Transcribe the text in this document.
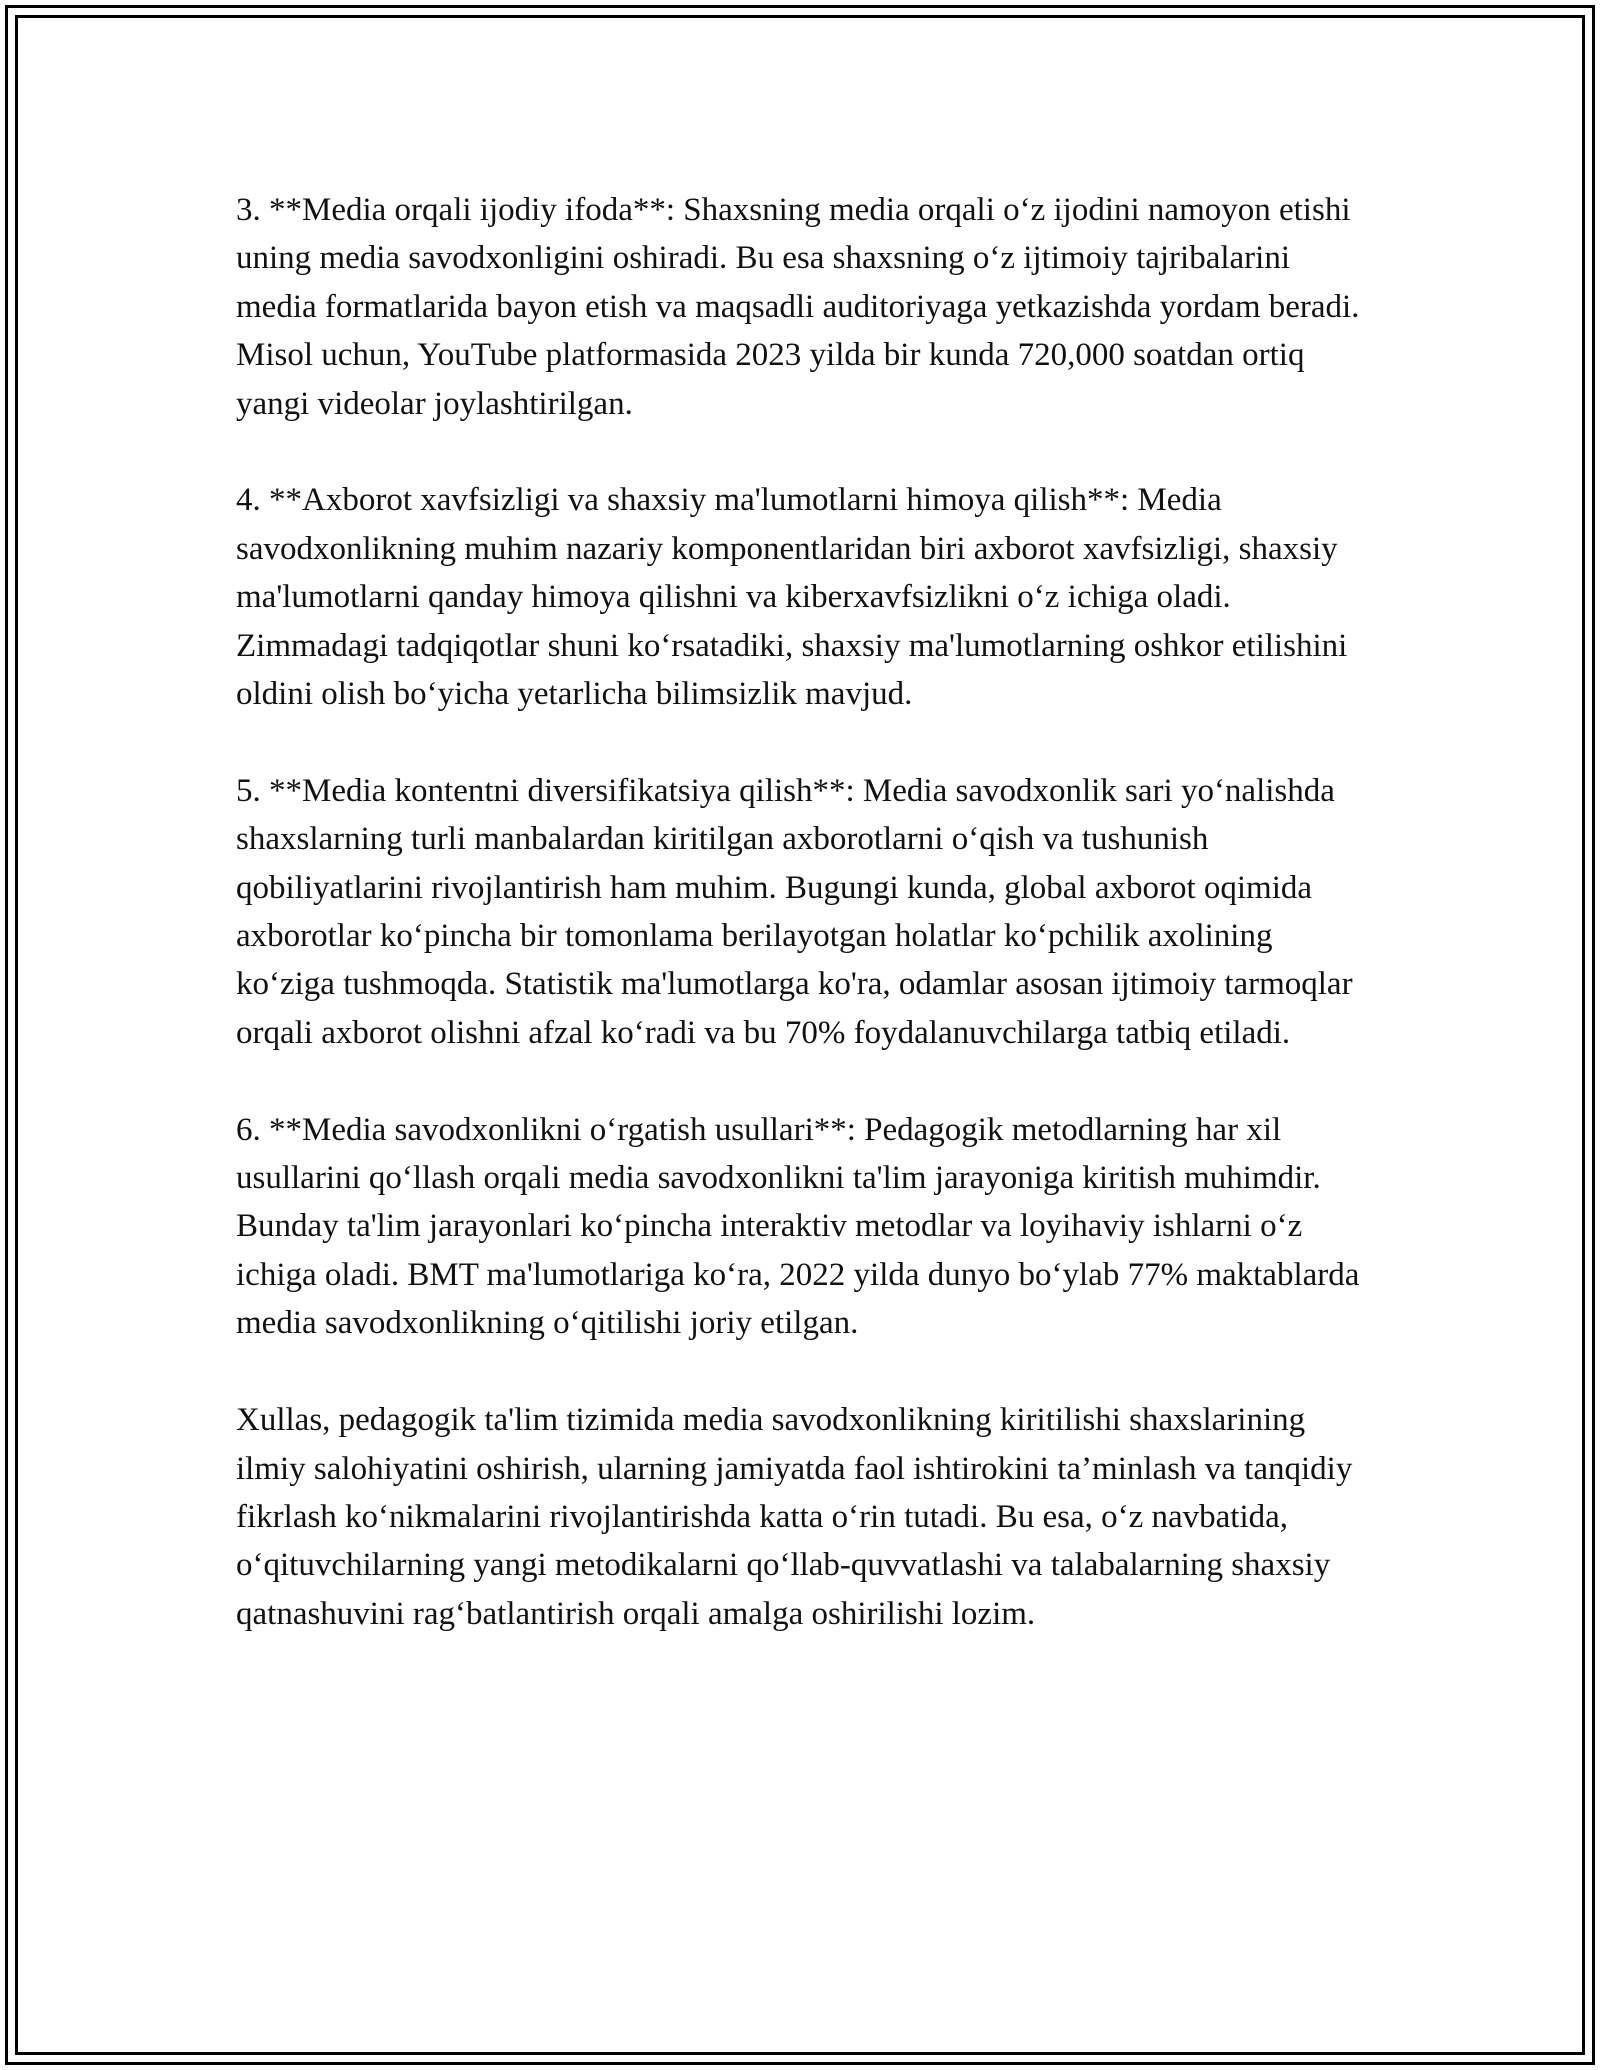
3. **Media orqali ijodiy ifoda**: Shaxsning media orqali o‘z ijodini namoyon etishi uning media savodxonligini oshiradi. Bu esa shaxsning o‘z ijtimoiy tajribalarini media formatlarida bayon etish va maqsadli auditoriyaga yetkazishda yordam beradi. Misol uchun, YouTube platformasida 2023 yilda bir kunda 720,000 soatdan ortiq yangi videolar joylashtirilgan.

4. **Axborot xavfsizligi va shaxsiy ma'lumotlarni himoya qilish**: Media savodxonlikning muhim nazariy komponentlaridan biri axborot xavfsizligi, shaxsiy ma'lumotlarni qanday himoya qilishni va kiberxavfsizlikni o‘z ichiga oladi. Zimmadagi tadqiqotlar shuni ko‘rsatadiki, shaxsiy ma'lumotlarning oshkor etilishini oldini olish bo‘yicha yetarlicha bilimsizlik mavjud.

5. **Media kontentni diversifikatsiya qilish**: Media savodxonlik sari yo‘nalishda shaxslarning turli manbalardan kiritilgan axborotlarni o‘qish va tushunish qobiliyatlarini rivojlantirish ham muhim. Bugungi kunda, global axborot oqimida axborotlar ko‘pincha bir tomonlama berilayotgan holatlar ko‘pchilik axolining ko‘ziga tushmoqda. Statistik ma'lumotlarga ko'ra, odamlar asosan ijtimoiy tarmoqlar orqali axborot olishni afzal ko‘radi va bu 70% foydalanuvchilarga tatbiq etiladi.

6. **Media savodxonlikni o‘rgatish usullari**: Pedagogik metodlarning har xil usullarini qo‘llash orqali media savodxonlikni ta'lim jarayoniga kiritish muhimdir. Bunday ta'lim jarayonlari ko‘pincha interaktiv metodlar va loyihaviy ishlarni o‘z ichiga oladi. BMT ma'lumotlariga ko‘ra, 2022 yilda dunyo bo‘ylab 77% maktablarda media savodxonlikning o‘qitilishi joriy etilgan.

Xullas, pedagogik ta'lim tizimida media savodxonlikning kiritilishi shaxslarining ilmiy salohiyatini oshirish, ularning jamiyatda faol ishtirokini ta’minlash va tanqidiy fikrlash ko‘nikmalarini rivojlantirishda katta o‘rin tutadi. Bu esa, o‘z navbatida, o‘qituvchilarning yangi metodikalarni qo‘llab-quvvatlashi va talabalarning shaxsiy qatnashuvini rag‘batlantirish orqali amalga oshirilishi lozim.
